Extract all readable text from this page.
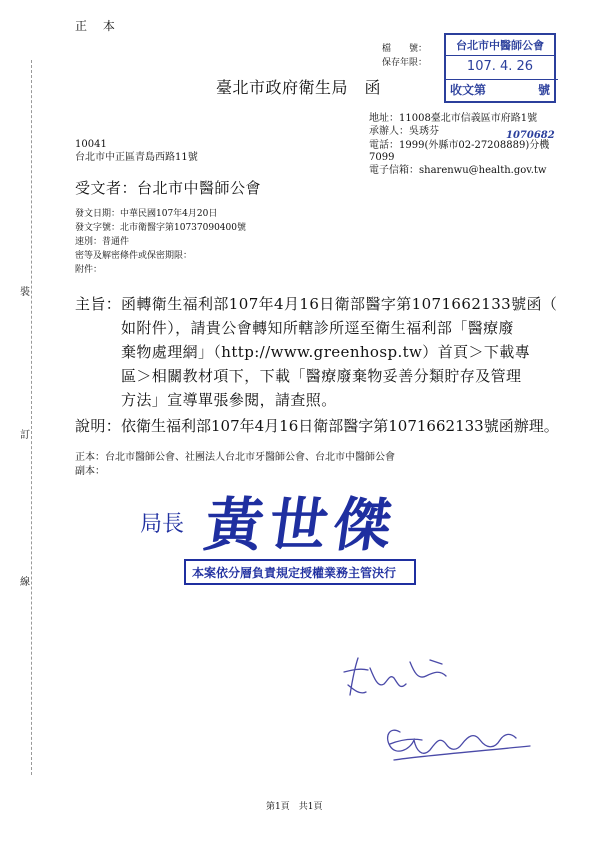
裝
訂
線
正 本
檔　　號：
保存年限：
臺北市政府衛生局　函
台北市中醫師公會
107. 4. 26
收文第
1070682
號
地址：11008臺北市信義區市府路1號
承辦人：吳琇芬
電話：1999(外縣市02-27208889)分機
7099
電子信箱：sharenwu@health.gov.tw
10041
台北市中正區青島西路11號
受文者：台北市中醫師公會
發文日期：中華民國107年4月20日
發文字號：北市衛醫字第10737090400號
速別：普通件
密等及解密條件或保密期限：
附件：
主旨： 函轉衛生福利部107年4月16日衛部醫字第1071662133號函（
如附件），請貴公會轉知所轄診所逕至衛生福利部「醫療廢
棄物處理網」（http://www.greenhosp.tw）首頁＞下載專
區＞相關教材項下，下載「醫療廢棄物妥善分類貯存及管理
方法」宣導單張參閱，請查照。
說明： 依衛生福利部107年4月16日衛部醫字第1071662133號函辦理。
正本：台北市醫師公會、社團法人台北市牙醫師公會、台北市中醫師公會
副本：
局長 黃世傑
本案依分層負責規定授權業務主管決行
第1頁　共1頁
